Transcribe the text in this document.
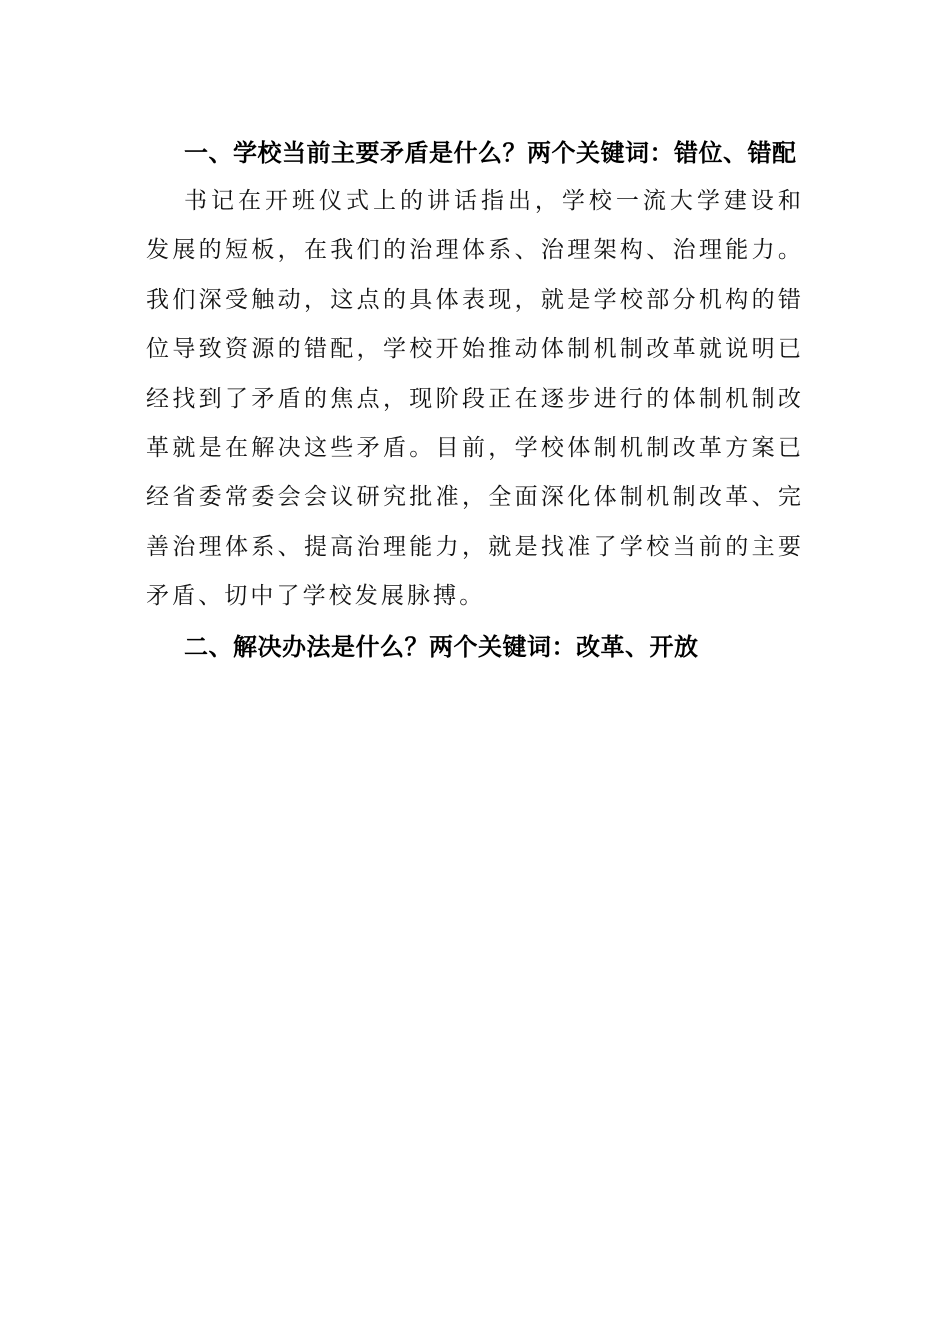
一、学校当前主要矛盾是什么？两个关键词：错位、错配

书记在开班仪式上的讲话指出，学校一流大学建设和发展的短板，在我们的治理体系、治理架构、治理能力。我们深受触动，这点的具体表现，就是学校部分机构的错位导致资源的错配，学校开始推动体制机制改革就说明已经找到了矛盾的焦点，现阶段正在逐步进行的体制机制改革就是在解决这些矛盾。目前，学校体制机制改革方案已经省委常委会会议研究批准，全面深化体制机制改革、完善治理体系、提高治理能力，就是找准了学校当前的主要矛盾、切中了学校发展脉搏。

二、解决办法是什么？两个关键词：改革、开放
